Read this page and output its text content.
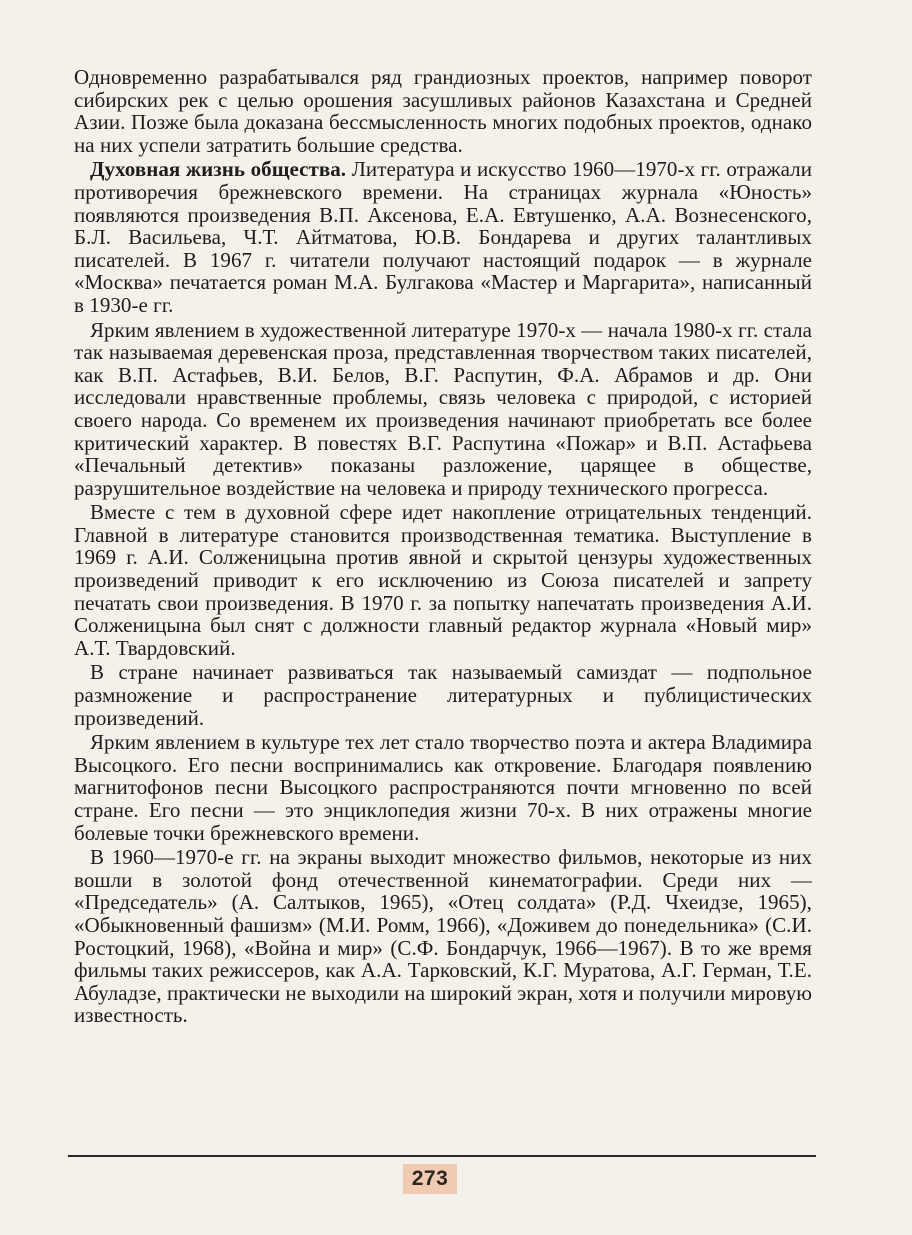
Одновременно разрабатывался ряд грандиозных проектов, например поворот сибирских рек с целью орошения засушливых районов Казахстана и Средней Азии. Позже была доказана бессмысленность многих подобных проектов, однако на них успели затратить большие средства.

Духовная жизнь общества. Литература и искусство 1960—1970-х гг. отражали противоречия брежневского времени. На страницах журнала «Юность» появляются произведения В.П. Аксенова, Е.А. Евтушенко, А.А. Вознесенского, Б.Л. Васильева, Ч.Т. Айтматова, Ю.В. Бондарева и других талантливых писателей. В 1967 г. читатели получают настоящий подарок — в журнале «Москва» печатается роман М.А. Булгакова «Мастер и Маргарита», написанный в 1930-е гг.

Ярким явлением в художественной литературе 1970-х — начала 1980-х гг. стала так называемая деревенская проза, представленная творчеством таких писателей, как В.П. Астафьев, В.И. Белов, В.Г. Распутин, Ф.А. Абрамов и др. Они исследовали нравственные проблемы, связь человека с природой, с историей своего народа. Со временем их произведения начинают приобретать все более критический характер. В повестях В.Г. Распутина «Пожар» и В.П. Астафьева «Печальный детектив» показаны разложение, царящее в обществе, разрушительное воздействие на человека и природу технического прогресса.

Вместе с тем в духовной сфере идет накопление отрицательных тенденций. Главной в литературе становится производственная тематика. Выступление в 1969 г. А.И. Солженицына против явной и скрытой цензуры художественных произведений приводит к его исключению из Союза писателей и запрету печатать свои произведения. В 1970 г. за попытку напечатать произведения А.И. Солженицына был снят с должности главный редактор журнала «Новый мир» А.Т. Твардовский.

В стране начинает развиваться так называемый самиздат — подпольное размножение и распространение литературных и публицистических произведений.

Ярким явлением в культуре тех лет стало творчество поэта и актера Владимира Высоцкого. Его песни воспринимались как откровение. Благодаря появлению магнитофонов песни Высоцкого распространяются почти мгновенно по всей стране. Его песни — это энциклопедия жизни 70-х. В них отражены многие болевые точки брежневского времени.

В 1960—1970-е гг. на экраны выходит множество фильмов, некоторые из них вошли в золотой фонд отечественной кинематографии. Среди них — «Председатель» (А. Салтыков, 1965), «Отец солдата» (Р.Д. Чхеидзе, 1965), «Обыкновенный фашизм» (М.И. Ромм, 1966), «Доживем до понедельника» (С.И. Ростоцкий, 1968), «Война и мир» (С.Ф. Бондарчук, 1966—1967). В то же время фильмы таких режиссеров, как А.А. Тарковский, К.Г. Муратова, А.Г. Герман, Т.Е. Абуладзе, практически не выходили на широкий экран, хотя и получили мировую известность.

273
